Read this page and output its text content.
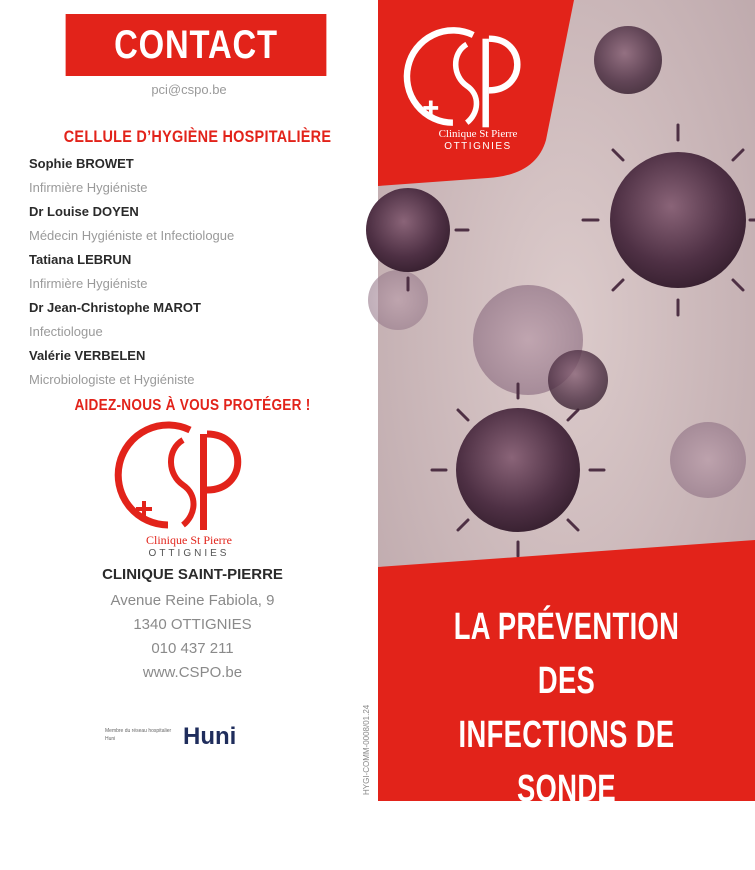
CONTACT
pci@cspo.be
CELLULE D’HYGIÈNE HOSPITALIÈRE
Sophie BROWET
Infirmière Hygiéniste
Dr Louise DOYEN
Médecin Hygiéniste et Infectiologue
Tatiana LEBRUN
Infirmière Hygiéniste
Dr Jean-Christophe MAROT
Infectiologue
Valérie VERBELEN
Microbiologiste et Hygiéniste
AIDEZ-NOUS À VOUS PROTÉGER !
Clinique St Pierre
OTTIGNIES
CLINIQUE SAINT-PIERRE
Avenue Reine Fabiola, 9
1340 OTTIGNIES
010 437 211
www.CSPO.be
Membre du réseau hospitalier Huni	Huni	HYGI-COMM-0008/01.24
Clinique St Pierre
OTTIGNIES
LA PRÉVENTION DES
INFECTIONS DE SONDE
VÉSICALE
